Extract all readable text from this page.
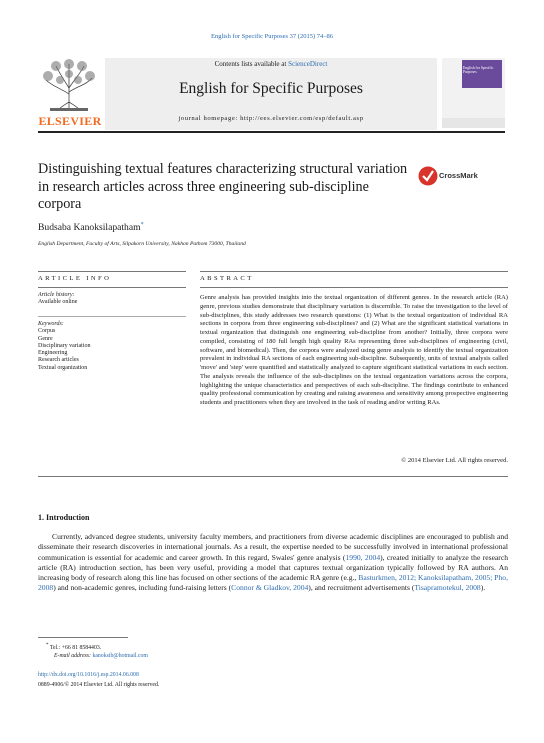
English for Specific Purposes 37 (2015) 74–86
ELSEVIER
Contents lists available at ScienceDirect
English for Specific Purposes
journal homepage: http://ees.elsevier.com/esp/default.asp
English for Specific Purposes
Distinguishing textual features characterizing structural variation in research articles across three engineering sub-discipline corpora
CrossMark
Budsaba Kanoksilapatham*
English Department, Faculty of Arts, Silpakorn University, Nakhon Pathom 73000, Thailand
ARTICLE INFO
Article history:
Available online
Keywords:
Corpus
Genre
Disciplinary variation
Engineering
Research articles
Textual organization
ABSTRACT
Genre analysis has provided insights into the textual organization of different genres. In the research article (RA) genre, previous studies demonstrate that disciplinary variation is discernible. To raise the investigation to the level of sub-disciplines, this study addresses two research questions: (1) What is the textual organization of individual RA sections in corpora from three engineering sub-disciplines? and (2) What are the significant statistical variations in textual organization that distinguish one engineering sub-discipline from another? Initially, three corpora were compiled, consisting of 180 full length high quality RAs representing three sub-disciplines of engineering (civil, software, and biomedical). Then, the corpora were analyzed using genre analysis to identify the textual organization prevalent in individual RA sections of each engineering sub-discipline. Subsequently, units of textual analysis called 'move' and 'step' were quantified and statistically analyzed to capture significant statistical variations in each section. The analysis reveals the influence of the sub-disciplines on the textual organization variations across the corpora, highlighting the unique characteristics and perspectives of each sub-discipline. The findings contribute to enhanced quality professional communication by creating and raising awareness and sensitivity among prospective engineering students and practitioners when they are involved in the task of reading and/or writing RAs.
© 2014 Elsevier Ltd. All rights reserved.
1. Introduction
Currently, advanced degree students, university faculty members, and practitioners from diverse academic disciplines are encouraged to publish and disseminate their research discoveries in international journals. As a result, the expertise needed to be successfully involved in international professional communication is essential for academic and career growth. In this regard, Swales' genre analysis (1990, 2004), created initially to analyze the research article (RA) introduction section, has been very useful, providing a model that captures textual organization typically followed by RA authors. An increasing body of research along this line has focused on other sections of the academic RA genre (e.g., Basturkmen, 2012; Kanoksilapatham, 2005; Pho, 2008) and non-academic genres, including fund-raising letters (Connor & Gladkov, 2004), and recruitment advertisements (Tisapramotekul, 2008).
* Tel.: +66 81 8584403.
E-mail address: kanoksib@hotmail.com
http://dx.doi.org/10.1016/j.esp.2014.06.008
0889-4906/© 2014 Elsevier Ltd. All rights reserved.
